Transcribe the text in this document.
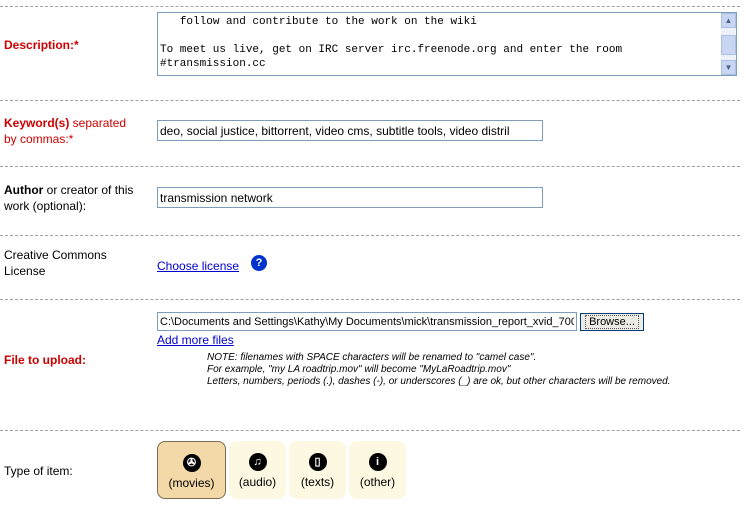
Description:*
follow and contribute to the work on the wiki To meet us live, get on IRC server irc.freenode.org and enter the room #transmission.cc
▲
▼
Keyword(s) separated
by commas:*
deo, social justice, bittorrent, video cms, subtitle tools, video distril
Author or creator of this
work (optional):
transmission network
Creative Commons
License	Choose license	?
File to upload:
C:\Documents and Settings\Kathy\My Documents\mick\transmission_report_xvid_700kbps
Browse...
Add more files
NOTE: filenames with SPACE characters will be renamed to "camel case".
For example, "my LA roadtrip.mov" will become "MyLaRoadtrip.mov"
Letters, numbers, periods (.), dashes (-), or underscores (_) are ok, but other characters will be removed.
Type of item:
✇
(movies)
♫
(audio)
▯
(texts)
i
(other)
